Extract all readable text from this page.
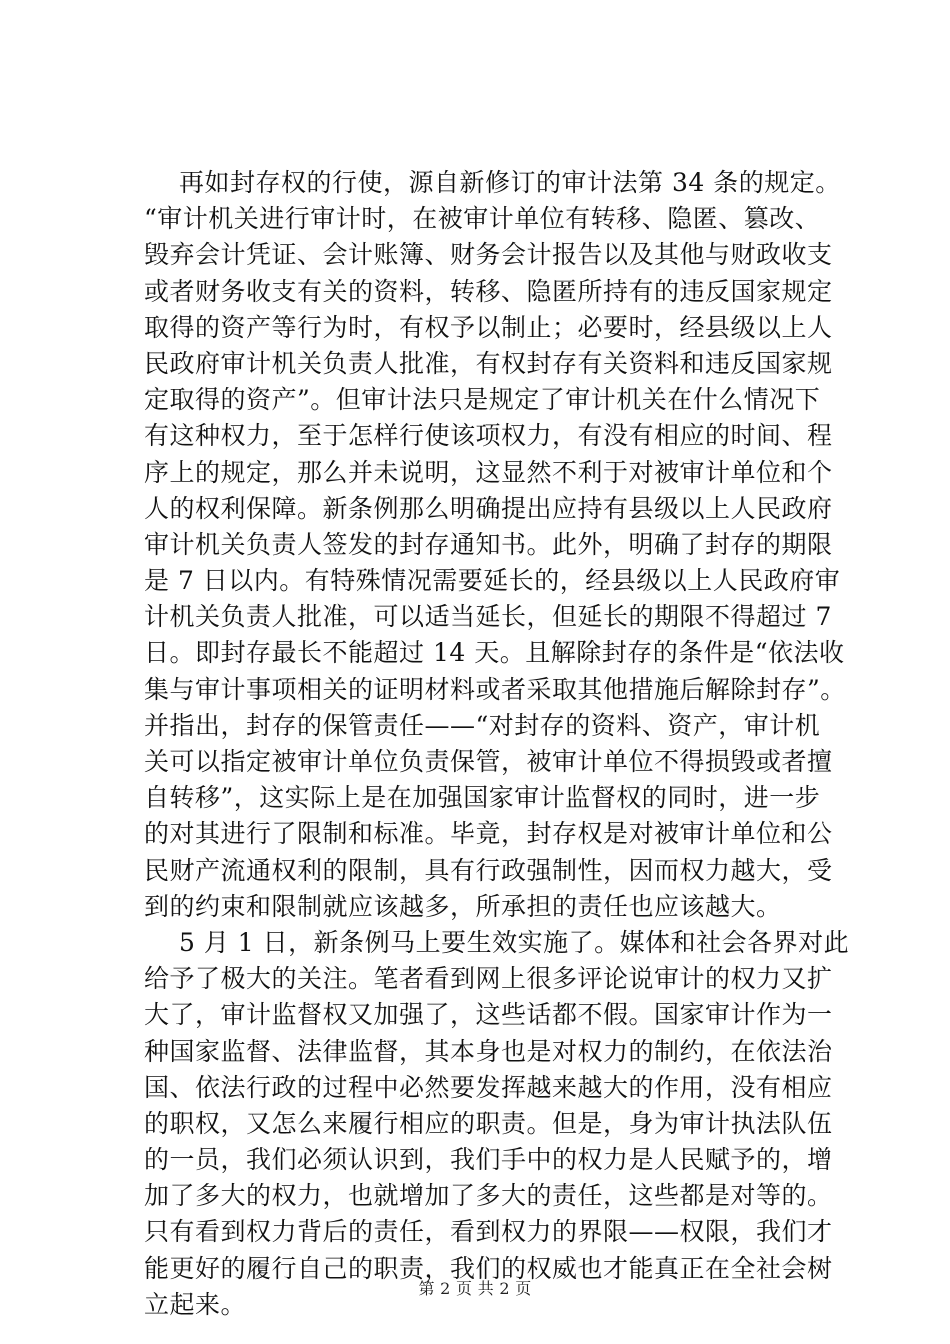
再如封存权的行使，源自新修订的审计法第 34 条的规定。
“审计机关进行审计时，在被审计单位有转移、隐匿、篡改、
毁弃会计凭证、会计账簿、财务会计报告以及其他与财政收支
或者财务收支有关的资料，转移、隐匿所持有的违反国家规定
取得的资产等行为时，有权予以制止；必要时，经县级以上人
民政府审计机关负责人批准，有权封存有关资料和违反国家规
定取得的资产”。但审计法只是规定了审计机关在什么情况下
有这种权力，至于怎样行使该项权力，有没有相应的时间、程
序上的规定，那么并未说明，这显然不利于对被审计单位和个
人的权利保障。新条例那么明确提出应持有县级以上人民政府
审计机关负责人签发的封存通知书。此外，明确了封存的期限
是 7 日以内。有特殊情况需要延长的，经县级以上人民政府审
计机关负责人批准，可以适当延长，但延长的期限不得超过 7
日。即封存最长不能超过 14 天。且解除封存的条件是“依法收
集与审计事项相关的证明材料或者采取其他措施后解除封存”。
并指出，封存的保管责任——“对封存的资料、资产，审计机
关可以指定被审计单位负责保管，被审计单位不得损毁或者擅
自转移”，这实际上是在加强国家审计监督权的同时，进一步
的对其进行了限制和标准。毕竟，封存权是对被审计单位和公
民财产流通权利的限制，具有行政强制性，因而权力越大，受
到的约束和限制就应该越多，所承担的责任也应该越大。
5 月 1 日，新条例马上要生效实施了。媒体和社会各界对此
给予了极大的关注。笔者看到网上很多评论说审计的权力又扩
大了，审计监督权又加强了，这些话都不假。国家审计作为一
种国家监督、法律监督，其本身也是对权力的制约，在依法治
国、依法行政的过程中必然要发挥越来越大的作用，没有相应
的职权，又怎么来履行相应的职责。但是，身为审计执法队伍
的一员，我们必须认识到，我们手中的权力是人民赋予的，增
加了多大的权力，也就增加了多大的责任，这些都是对等的。
只有看到权力背后的责任，看到权力的界限——权限，我们才
能更好的履行自己的职责，我们的权威也才能真正在全社会树
立起来。
第 2 页 共 2 页
